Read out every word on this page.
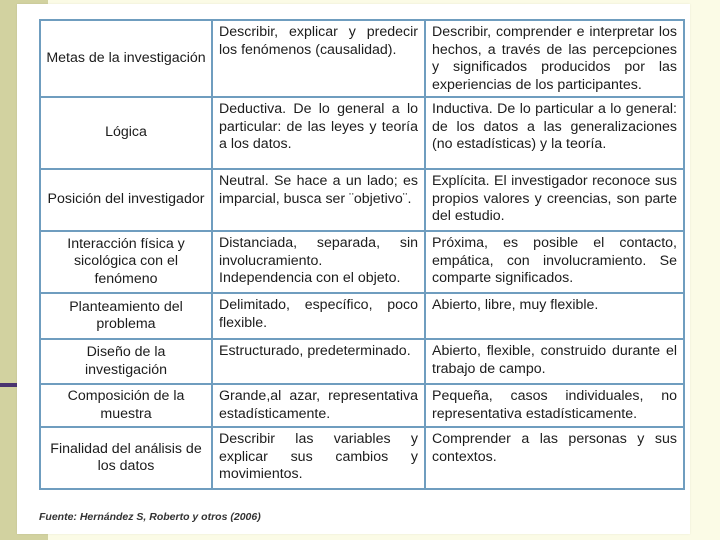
Metas de la investigación	Describir, explicar y predecir los fenómenos (causalidad).	Describir, comprender e interpretar los hechos, a través de las percepciones y significados producidos por las experiencias de los participantes.
Lógica	Deductiva. De lo general a lo particular: de las leyes y teoría a los datos.	Inductiva. De lo particular a lo general: de los datos a las generalizaciones (no estadísticas) y la teoría.
Posición del investigador	Neutral. Se hace a un lado; es imparcial, busca ser ¨objetivo¨.	Explícita. El investigador reconoce sus propios valores y creencias, son parte del estudio.
Interacción física y sicológica con el fenómeno	Distanciada, separada, sin involucramiento. Independencia con el objeto.	Próxima, es posible el contacto, empática, con involucramiento. Se comparte significados.
Planteamiento del problema	Delimitado, específico, poco flexible.	Abierto, libre, muy flexible.
Diseño de la investigación	Estructurado, predeterminado.	Abierto, flexible, construido durante el trabajo de campo.
Composición de la muestra	Grande,al azar, representativa estadísticamente.	Pequeña, casos individuales, no representativa estadísticamente.
Finalidad del análisis de los datos	Describir las variables y explicar sus cambios y movimientos.	Comprender a las personas y sus contextos.
Fuente: Hernández S, Roberto y otros (2006)
